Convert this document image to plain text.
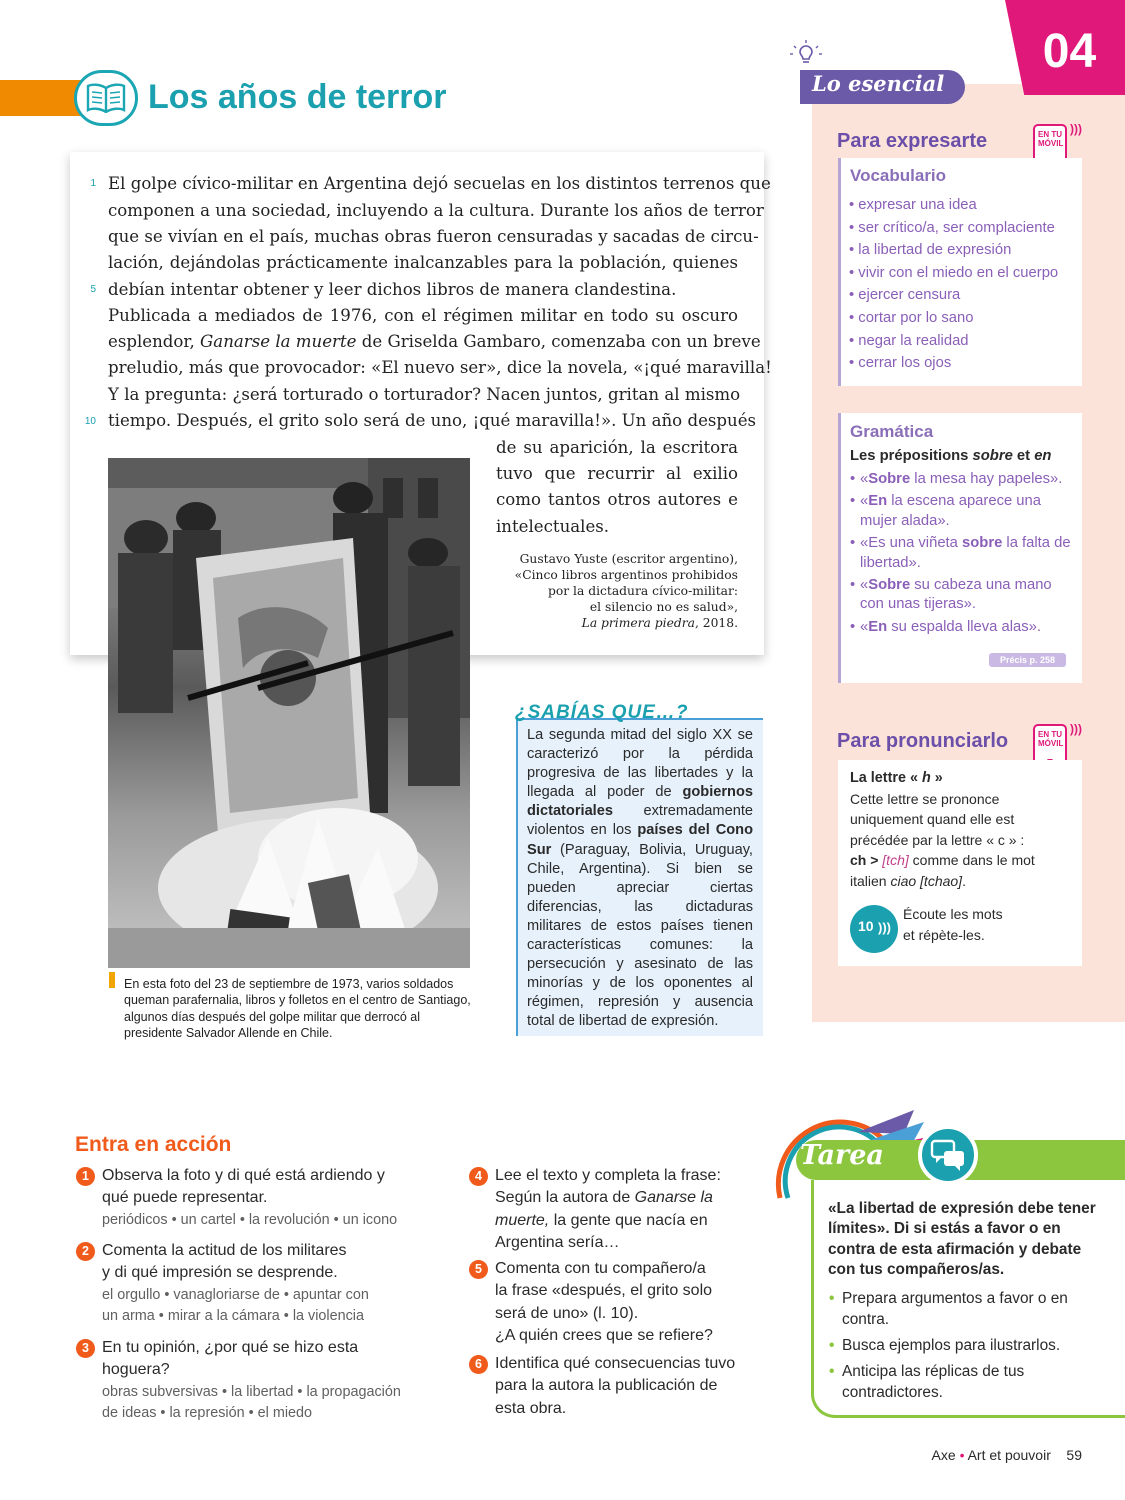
Los años de terror
1
5
10
El golpe cívico-militar en Argentina dejó secuelas en los distintos terrenos que
componen a una sociedad, incluyendo a la cultura. Durante los años de terror
que se vivían en el país, muchas obras fueron censuradas y sacadas de circu-
lación, dejándolas prácticamente inalcanzables para la población, quienes
debían intentar obtener y leer dichos libros de manera clandestina.
Publicada a mediados de 1976, con el régimen militar en todo su oscuro
esplendor, Ganarse la muerte de Griselda Gambaro, comenzaba con un breve
preludio, más que provocador: «El nuevo ser», dice la novela, «¡qué maravilla!
Y la pregunta: ¿será torturado o torturador? Nacen juntos, gritan al mismo
tiempo. Después, el grito solo será de uno, ¡qué maravilla!». Un año después
de su aparición, la escritora
tuvo que recurrir al exilio
como tantos otros autores e
intelectuales.
Gustavo Yuste (escritor argentino),
«Cinco libros argentinos prohibidos
por la dictadura cívico-militar:
el silencio no es salud»,
La primera piedra, 2018.
En esta foto del 23 de septiembre de 1973, varios soldados queman parafernalia, libros y folletos en el centro de Santiago, algunos días después del golpe militar que derrocó al presidente Salvador Allende en Chile.
¿SABÍAS QUE…?
La segunda mitad del siglo XX se caracterizó por la pérdida progresiva de las libertades y la llegada al poder de gobiernos dictatoriales extremadamente violentos en los países del Cono Sur (Paraguay, Bolivia, Uruguay, Chile, Argentina). Si bien se pueden apreciar ciertas diferencias, las dictaduras militares de estos países tienen características comunes: la persecución y asesinato de las minorías y de los oponentes al régimen, represión y ausencia total de libertad de expresión.
04
Lo esencial
Para expresarte	EN TU
MÓVIL
)))
Vocabulario
• expresar una idea
• ser crítico/a, ser complaciente
• la libertad de expresión
• vivir con el miedo en el cuerpo
• ejercer censura
• cortar por lo sano
• negar la realidad
• cerrar los ojos
Gramática
Les prépositions sobre et en
• «Sobre la mesa hay papeles».
• «En la escena aparece una mujer alada».
• «Es una viñeta sobre la falta de libertad».
• «Sobre su cabeza una mano con unas tijeras».
• «En su espalda lleva alas».
Précis p. 258
Para pronunciarlo	EN TU
MÓVIL
)))
La lettre « h »
Cette lettre se prononce
uniquement quand elle est
précédée par la lettre « c » :
ch > [tch] comme dans le mot
italien ciao [tchao].
10 )))
Écoute les mots
et répète-les.
Entra en acción
1 Observa la foto y di qué está ardiendo y
qué puede representar.
periódicos • un cartel • la revolución • un icono
2 Comenta la actitud de los militares
y di qué impresión se desprende.
el orgullo • vanagloriarse de • apuntar con
un arma • mirar a la cámara • la violencia
3 En tu opinión, ¿por qué se hizo esta
hoguera?
obras subversivas • la libertad • la propagación
de ideas • la represión • el miedo
4 Lee el texto y completa la frase:
Según la autora de Ganarse la
muerte, la gente que nacía en
Argentina sería…
5 Comenta con tu compañero/a
la frase «después, el grito solo
será de uno» (l. 10).
¿A quién crees que se refiere?
6 Identifica qué consecuencias tuvo
para la autora la publicación de
esta obra.
Tarea
«La libertad de expresión debe tener límites». Di si estás a favor o en contra de esta afirmación y debate con tus compañeros/as.
• Prepara argumentos a favor o en contra.
• Busca ejemplos para ilustrarlos.
• Anticipa las réplicas de tus contradictores.
Axe • Art et pouvoir 59
